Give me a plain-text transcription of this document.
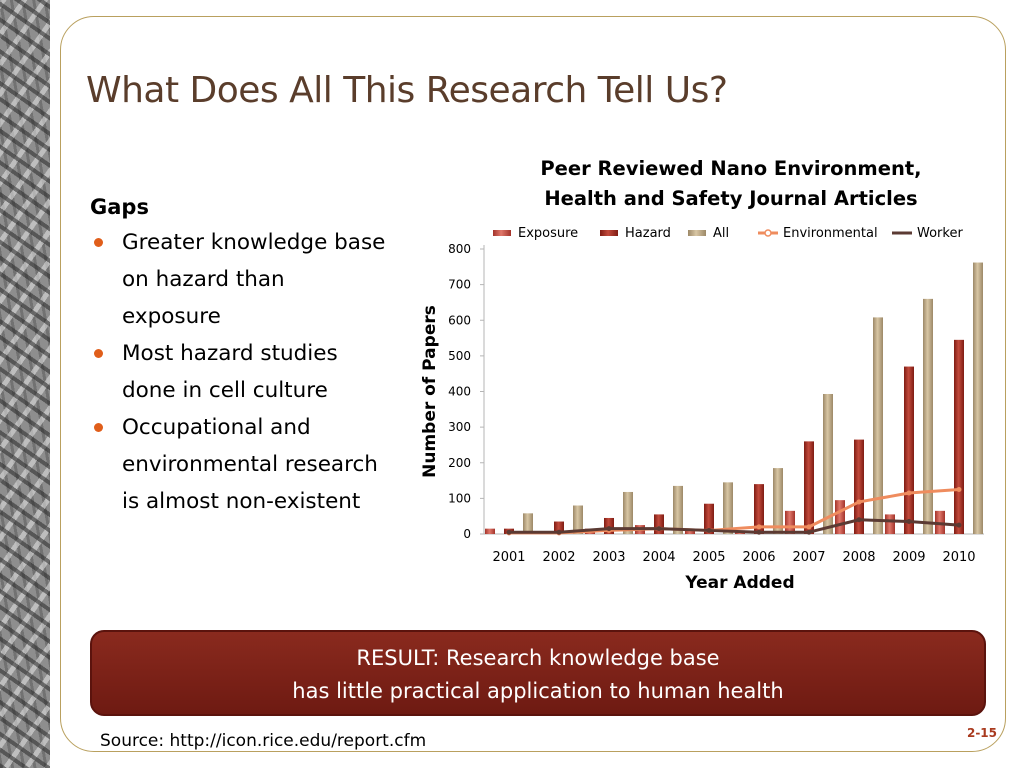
What Does All This Research Tell Us?
Gaps
Greater knowledge base on hazard than exposure
Most hazard studies done in cell culture
Occupational and environmental research is almost non-existent
Peer Reviewed Nano Environment,
Health and Safety Journal Articles
0
100
200
300
400
500
600
700
800
2001 2002 2003 2004 2005 2006 2007 2008 2009 2010
Year Added
Number of Papers
Exposure	Hazard	All	Environmental	Worker
RESULT: Research knowledge base
has little practical application to human health
Source: http://icon.rice.edu/report.cfm	2-15
